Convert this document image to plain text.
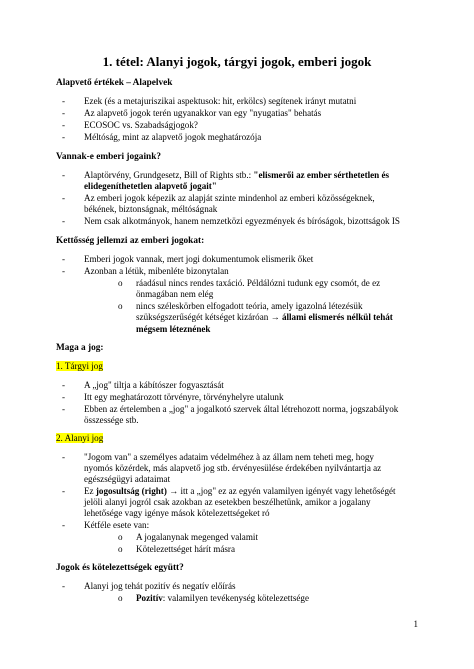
1. tétel: Alanyi jogok, tárgyi jogok, emberi jogok
Alapvető értékek – Alapelvek
-	Ezek (és a metajuriszikai aspektusok: hit, erkölcs) segítenek irányt mutatni
-	Az alapvető jogok terén ugyanakkor van egy "nyugatias" behatás
-	ECOSOC vs. Szabadságjogok?
-	Méltóság, mint az alapvető jogok meghatározója
Vannak-e emberi jogaink?
-	Alaptörvény, Grundgesetz, Bill of Rights stb.: "elismerői az ember sérthetetlen és
elidegeníthetetlen alapvető jogait"
-	Az emberi jogok képezik az alapját szinte mindenhol az emberi közösségeknek,
békének, biztonságnak, méltóságnak
-	Nem csak alkotmányok, hanem nemzetközi egyezmények és bíróságok, bizottságok IS
Kettősség jellemzi az emberi jogokat:
-	Emberi jogok vannak, mert jogi dokumentumok elismerik őket
-	Azonban a létük, mibenléte bizonytalan
o	ráadásul nincs rendes taxáció. Példálózni tudunk egy csomót, de ez
önmagában nem elég
o	nincs széleskörben elfogadott teória, amely igazolná létezésük
szükségszerűségét kétséget kizáróan → állami elismerés nélkül tehát
mégsem léteznének
Maga a jog:
1. Tárgyi jog
-	A „jog" tiltja a kábítószer fogyasztását
-	Itt egy meghatározott törvényre, törvényhelyre utalunk
-	Ebben az értelemben a „jog" a jogalkotó szervek által létrehozott norma, jogszabályok
összessége stb.
2. Alanyi jog
-	"Jogom van" a személyes adataim védelméhez à az állam nem teheti meg, hogy
nyomós közérdek, más alapvető jog stb. érvényesülése érdekében nyilvántartja az
egészségügyi adataimat
-	Ez jogosultság (right) → itt a „jog" ez az egyén valamilyen igényét vagy lehetőségét
jelöli alanyi jogról csak azokban az esetekben beszélhetünk, amikor a jogalany
lehetősége vagy igénye mások kötelezettségeket ró
-	Kétféle esete van:
o	A jogalanynak megenged valamit
o	Kötelezettséget hárít másra
Jogok és kötelezettségek együtt?
-	Alanyi jog tehát pozitív és negatív előírás
o	Pozitív: valamilyen tevékenység kötelezettsége
1
